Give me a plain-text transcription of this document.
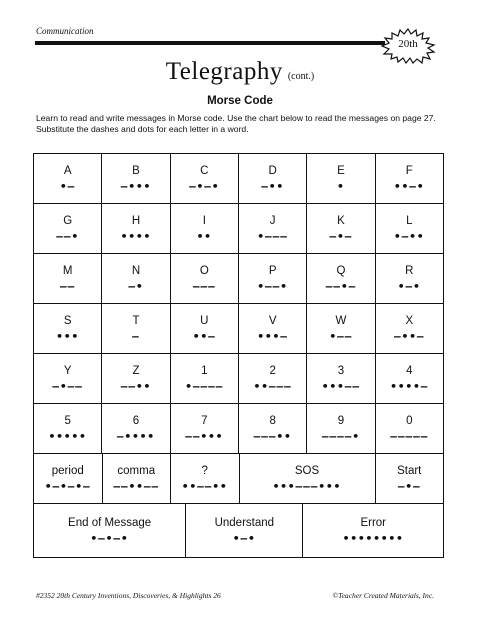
Communication
20th
Telegraphy (cont.)
Morse Code
Learn to read and write messages in Morse code. Use the chart below to read the messages on page 27. Substitute the dashes and dots for each letter in a word.
A
•–
B
–•••
C
–•–•
D
–••
E
•
F
••–•
G
––•
H
••••
I
••
J
•–––
K
–•–
L
•–••
M
––
N
–•
O
–––
P
•––•
Q
––•–
R
•–•
S
•••
T
–
U
••–
V
•••–
W
•––
X
–••–
Y
–•––
Z
––••
1
•––––
2
••–––
3
•••––
4
••••–
5
•••••
6
–••••
7
––•••
8
–––••
9
––––•
0
–––––
period
•–•–•–
comma
––••––
?
••––••
SOS
•••–––•••
Start
–•–
End of Message
•–•–•
Understand
•–•
Error
••••••••
#2352 20th Century Inventions, Discoveries, & Highlights 26	©Teacher Created Materials, Inc.
